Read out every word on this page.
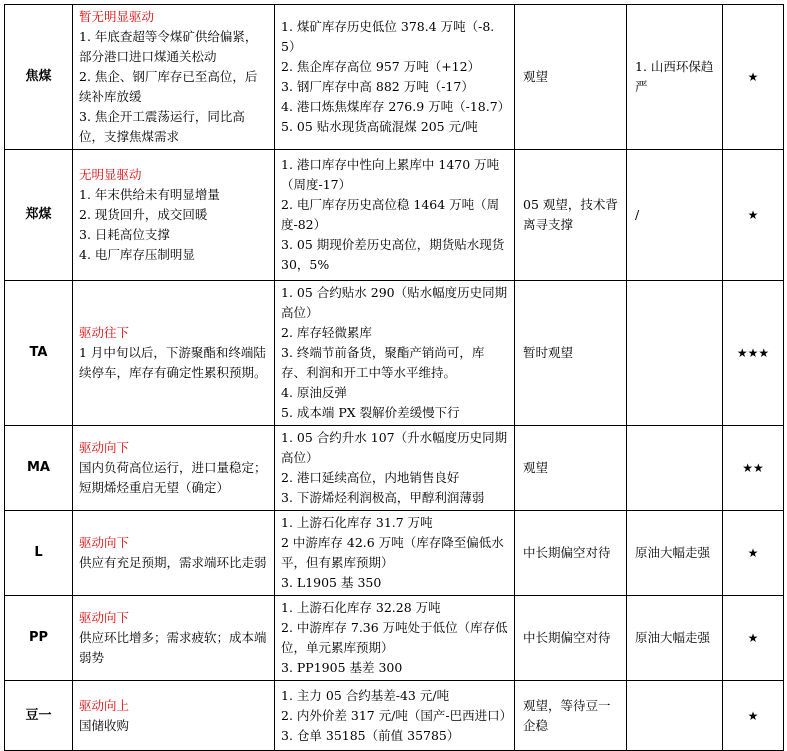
焦煤	暂无明显驱动
1. 年底查超等令煤矿供给偏紧，部分港口进口煤通关松动
2. 焦企、钢厂库存已至高位，后续补库放缓
3. 焦企开工震荡运行，同比高位，支撑焦煤需求	1. 煤矿库存历史低位 378.4 万吨（-8.5）
2. 焦企库存高位 957 万吨（+12）
3. 钢厂库存中高 882 万吨（-17）
4. 港口炼焦煤库存 276.9 万吨（-18.7）
5. 05 贴水现货高硫混煤 205 元/吨	观望	1. 山西环保趋严	★
郑煤	无明显驱动
1. 年末供给未有明显增量
2. 现货回升，成交回暖
3. 日耗高位支撑
4. 电厂库存压制明显	1. 港口库存中性向上累库中 1470 万吨（周度-17）
2. 电厂库存历史高位稳 1464 万吨（周度-82）
3. 05 期现价差历史高位，期货贴水现货 30，5%	05 观望，技术背离寻支撑	/	★
TA	驱动往下
1 月中旬以后，下游聚酯和终端陆续停车，库存有确定性累积预期。	1. 05 合约贴水 290（贴水幅度历史同期高位）
2. 库存轻微累库
3. 终端节前备货，聚酯产销尚可，库存、利润和开工中等水平维持。
4. 原油反弹
5. 成本端 PX 裂解价差缓慢下行	暂时观望		★★★
MA	驱动向下
国内负荷高位运行，进口量稳定；短期烯烃重启无望（确定）	1. 05 合约升水 107（升水幅度历史同期高位）
2. 港口延续高位，内地销售良好
3. 下游烯烃利润极高，甲醇利润薄弱	观望		★★
L	驱动向下
供应有充足预期，需求端环比走弱	1. 上游石化库存 31.7 万吨
2 中游库存 42.6 万吨（库存降至偏低水平，但有累库预期）
3. L1905 基 350	中长期偏空对待	原油大幅走强	★
PP	驱动向下
供应环比增多；需求疲软；成本端弱势	1. 上游石化库存 32.28 万吨
2. 中游库存 7.36 万吨处于低位（库存低位，单元累库预期）
3. PP1905 基差 300	中长期偏空对待	原油大幅走强	★
豆一	驱动向上
国储收购	1. 主力 05 合约基差-43 元/吨
2. 内外价差 317 元/吨（国产-巴西进口）
3. 仓单 35185（前值 35785）	观望，等待豆一企稳		★
